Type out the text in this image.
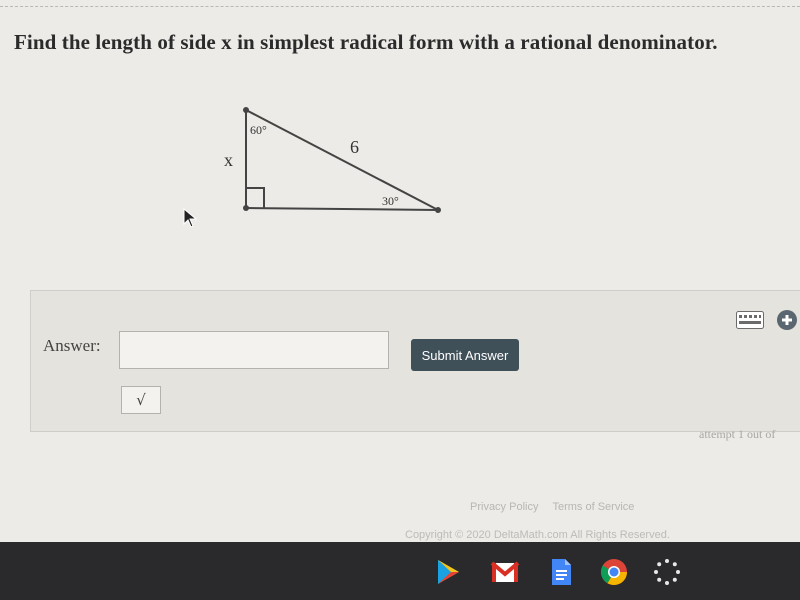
Find the length of side x in simplest radical form with a rational denominator.
60°
6
x
30°
Answer:	Submit Answer
√
attempt 1 out of
Privacy Policy Terms of Service
Copyright © 2020 DeltaMath.com All Rights Reserved.
